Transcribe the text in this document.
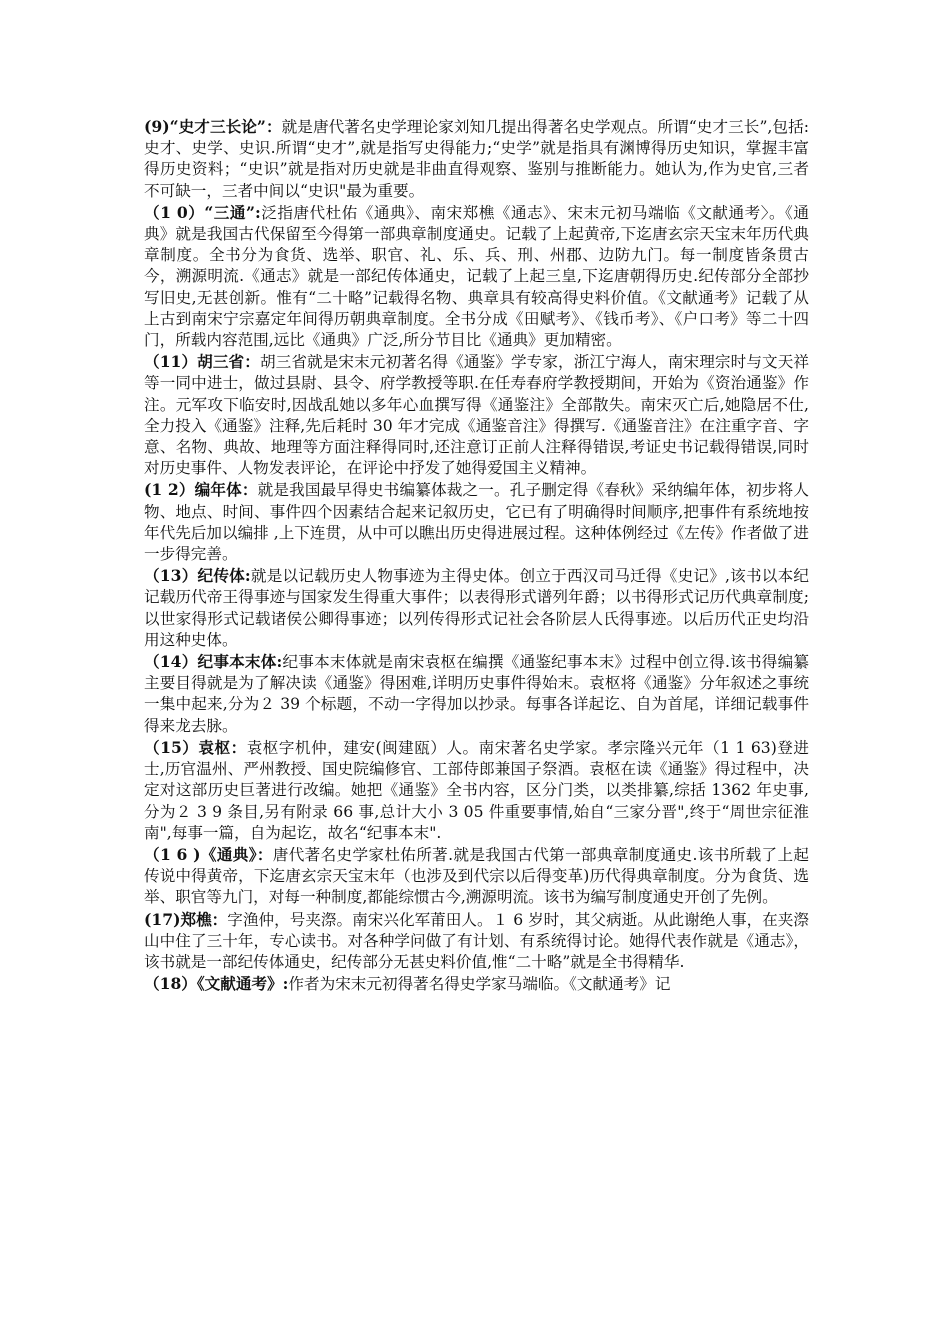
(9)“史才三长论”：就是唐代著名史学理论家刘知几提出得著名史学观点。所谓“史才三长”,包括:史才、史学、史识.所谓“史才”,就是指写史得能力;“史学”就是指具有渊博得历史知识，掌握丰富得历史资料；“史识”就是指对历史就是非曲直得观察、鉴别与推断能力。她认为,作为史官,三者不可缺一，三者中间以“史识"最为重要。

（1 0）“三通”:泛指唐代杜佑《通典》、南宋郑樵《通志》、宋末元初马端临《文献通考〉。《通典》就是我国古代保留至今得第一部典章制度通史。记载了上起黄帝,下迄唐玄宗天宝末年历代典章制度。全书分为食货、选举、职官、礼、乐、兵、刑、州郡、边防九门。每一制度皆条贯古今，溯源明流.《通志》就是一部纪传体通史，记载了上起三皇,下迄唐朝得历史.纪传部分全部抄写旧史,无甚创新。惟有“二十略”记载得名物、典章具有较高得史料价值。《文献通考》记载了从上古到南宋宁宗嘉定年间得历朝典章制度。全书分成《田赋考》、《钱币考》、《户口考》等二十四门，所载内容范围,远比《通典》广泛,所分节目比《通典》更加精密。

（11）胡三省：胡三省就是宋末元初著名得《通鉴》学专家，浙江宁海人，南宋理宗时与文天祥等一同中进士，做过县尉、县令、府学教授等职.在任寿春府学教授期间，开始为《资治通鉴》作注。元军攻下临安时,因战乱她以多年心血撰写得《通鉴注》全部散失。南宋灭亡后,她隐居不仕,全力投入《通鉴》注释,先后耗时 30 年才完成《通鉴音注》得撰写.《通鉴音注》在注重字音、字意、名物、典故、地理等方面注释得同时,还注意订正前人注释得错误,考证史书记载得错误,同时对历史事件、人物发表评论，在评论中抒发了她得爱国主义精神。

(1 2）编年体：就是我国最早得史书编纂体裁之一。孔子删定得《春秋》采纳编年体，初步将人物、地点、时间、事件四个因素结合起来记叙历史，它已有了明确得时间顺序,把事件有系统地按年代先后加以编排 ,上下连贯，从中可以瞧出历史得进展过程。这种体例经过《左传》作者做了进一步得完善。

（13）纪传体:就是以记载历史人物事迹为主得史体。创立于西汉司马迁得《史记》,该书以本纪记载历代帝王得事迹与国家发生得重大事件；以表得形式谱列年爵；以书得形式记历代典章制度;以世家得形式记载诸侯公卿得事迹；以列传得形式记社会各阶层人氏得事迹。以后历代正史均沿用这种史体。

（14）纪事本末体:纪事本末体就是南宋袁枢在编撰《通鉴纪事本末》过程中创立得.该书得编纂主要目得就是为了解决读《通鉴》得困难,详明历史事件得始末。袁枢将《通鉴》分年叙述之事统一集中起来,分为２ 39 个标题，不动一字得加以抄录。每事各详起讫、自为首尾，详细记载事件得来龙去脉。

（15）袁枢：袁枢字机仲，建安(闽建瓯）人。南宋著名史学家。孝宗隆兴元年（1 1 63)登进士,历官温州、严州教授、国史院编修官、工部侍郎兼国子祭酒。袁枢在读《通鉴》得过程中，决定对这部历史巨著进行改编。她把《通鉴》全书内容，区分门类，以类排纂,综括 1362 年史事,分为２ 3 9 条目,另有附录 66 事,总计大小 3 05 件重要事情,始自“三家分晋",终于“周世宗征淮南",每事一篇，自为起讫，故名“纪事本末".

（1 6 )《通典》：唐代著名史学家杜佑所著.就是我国古代第一部典章制度通史.该书所载了上起传说中得黄帝，下迄唐玄宗天宝末年（也涉及到代宗以后得变革)历代得典章制度。分为食货、选举、职官等九门，对每一种制度,都能综惯古今,溯源明流。该书为编写制度通史开创了先例。

(17)郑樵：字渔仲，号夹漈。南宋兴化军莆田人。１ 6 岁时，其父病逝。从此谢绝人事，在夹漈山中住了三十年，专心读书。对各种学问做了有计划、有系统得讨论。她得代表作就是《通志》，该书就是一部纪传体通史，纪传部分无甚史料价值,惟“二十略”就是全书得精华.

（18）《文献通考》:作者为宋末元初得著名得史学家马端临。《文献通考》记
